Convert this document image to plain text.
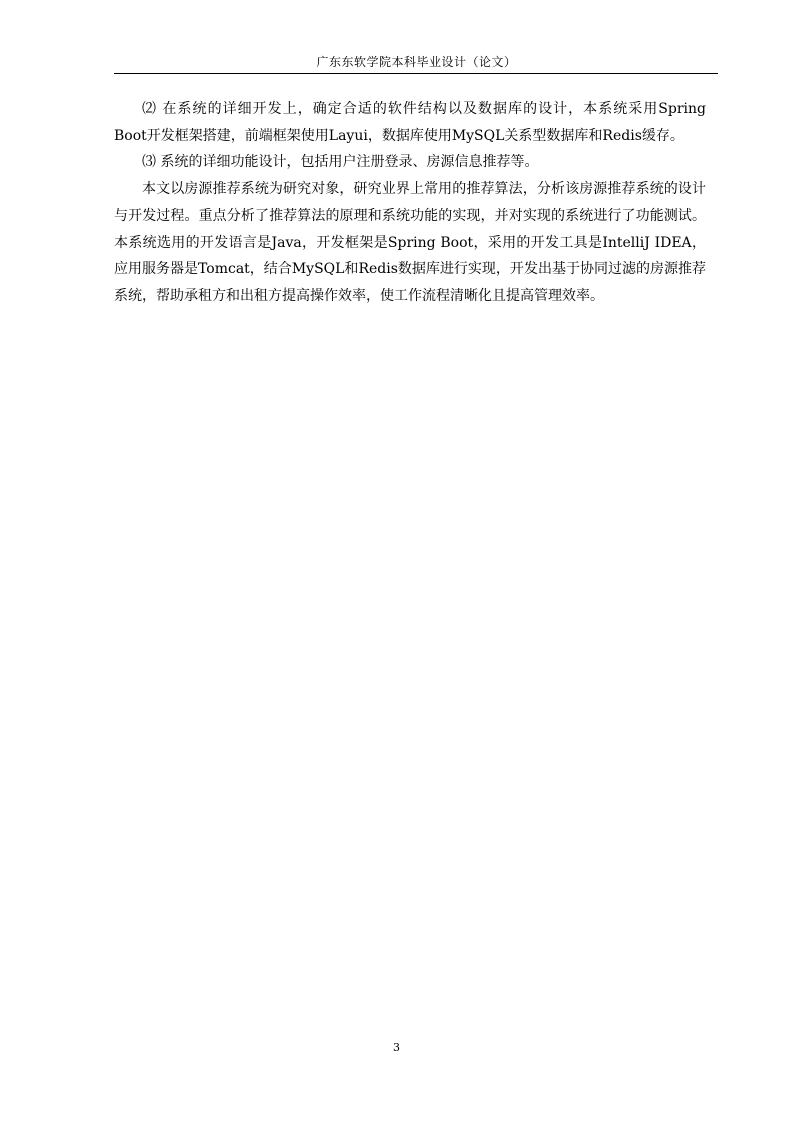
广东东软学院本科毕业设计（论文）

⑵ 在系统的详细开发上，确定合适的软件结构以及数据库的设计，本系统采用Spring Boot开发框架搭建，前端框架使用Layui，数据库使用MySQL关系型数据库和Redis缓存。

⑶ 系统的详细功能设计，包括用户注册登录、房源信息推荐等。

本文以房源推荐系统为研究对象，研究业界上常用的推荐算法，分析该房源推荐系统的设计与开发过程。重点分析了推荐算法的原理和系统功能的实现，并对实现的系统进行了功能测试。本系统选用的开发语言是Java，开发框架是Spring Boot，采用的开发工具是IntelliJ IDEA，应用服务器是Tomcat，结合MySQL和Redis数据库进行实现，开发出基于协同过滤的房源推荐系统，帮助承租方和出租方提高操作效率，使工作流程清晰化且提高管理效率。

3
